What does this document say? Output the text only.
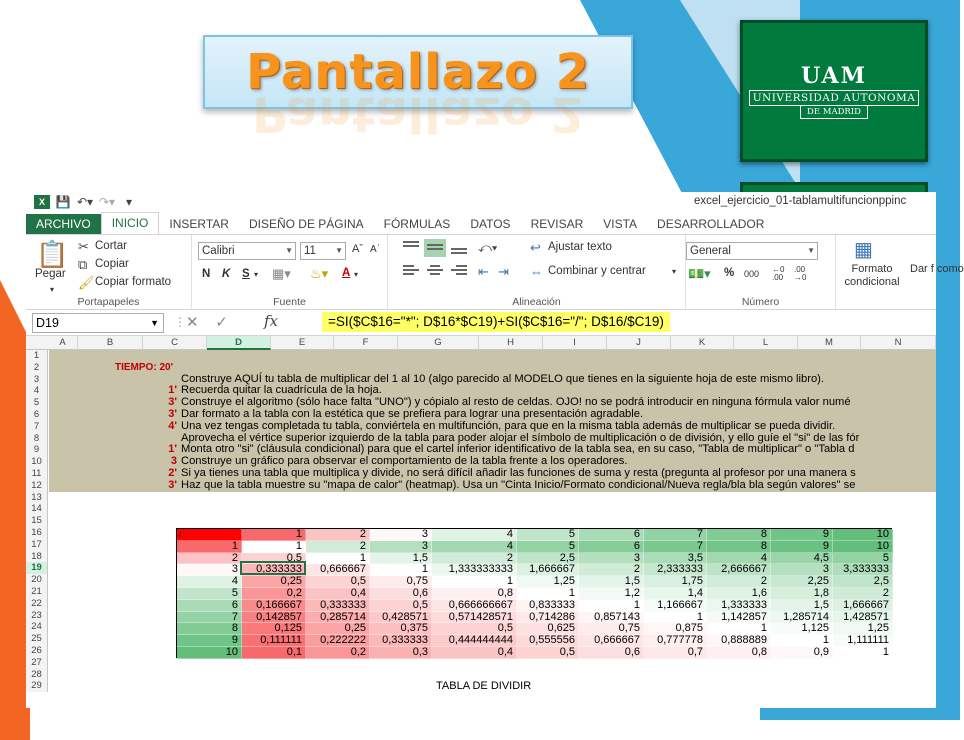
Pantallazo 2
Pantallazo 2
UAM
UNIVERSIDAD AUTONOMA
DE MADRID
X 💾 ↶▾ ↷▾ ▾	excel_ejercicio_01-tablamultifuncionppinc
ARCHIVO	INICIO	INSERTAR	DISEÑO DE PÁGINA	FÓRMULAS	DATOS	REVISAR	VISTA	DESARROLLADOR
📋
Pegar
▾
✂ Cortar
⧉ Copiar
🖌 Copiar formato
Portapapeles
Calibri	▼ 11 ▼ Aˇ Aˈ
N K S ▾ ▦▾ ♨▾ A ▾
Fuente
⤺▾	↩ Ajustar texto
⇤ ⇥ ⇔ Combinar y centrar	▾
Alineación
General	▼
💵▾ % 000 ←0
.00
.00
→0
Número
▦
Formato condicional
Dar f como
D19	▼ ⋮ ✕ ✓ fx	=SI($C$16="*"; D$16*$C19)+SI($C$16="/"; D$16/$C19)
A	B	C	D	E	F	G	H	I	J	K	L	M	N
1
2
3
4
5
6
7
8
9
10
11
12
13
14
15
16
17
18
19
20
21
22
23
24
25
26
27
28
29
TIEMPO: 20'
Construye AQUÍ tu tabla de multiplicar del 1 al 10 (algo parecido al MODELO que tienes en la siguiente hoja de este mismo libro).
1' Recuerda quitar la cuadrícula de la hoja.
3' Construye el algoritmo (sólo hace falta "UNO") y cópialo al resto de celdas. OJO! no se podrá introducir en ninguna fórmula valor numé
3' Dar formato a la tabla con la estética que se prefiera para lograr una presentación agradable.
4' Una vez tengas completada tu tabla, conviértela en multifunción, para que en la misma tabla además de multiplicar se pueda dividir.
Aprovecha el vértice superior izquierdo de la tabla para poder alojar el símbolo de multiplicación o de división, y ello guíe el "si" de las fór
1' Monta otro "si" (cláusula condicional) para que el cartel inferior identificativo de la tabla sea, en su caso, "Tabla de multiplicar" o "Tabla d
3 Construye un gráfico para observar el comportamiento de la tabla frente a los operadores.
2' Si ya tienes una tabla que multiplica y divide, no será difícil añadir las funciones de suma y resta (pregunta al profesor por una manera s
3' Haz que la tabla muestre su "mapa de calor" (heatmap). Usa un "Cinta Inicio/Formato condicional/Nueva regla/bla bla según valores" se
/	1	2	3	4	5	6	7	8	9	10
1	1	2	3	4	5	6	7	8	9	10
2	0,5	1	1,5	2	2,5	3	3,5	4	4,5	5
3	0,333333	0,666667	1	1,333333333	1,666667	2	2,333333	2,666667	3	3,333333
4	0,25	0,5	0,75	1	1,25	1,5	1,75	2	2,25	2,5
5	0,2	0,4	0,6	0,8	1	1,2	1,4	1,6	1,8	2
6	0,166667	0,333333	0,5	0,666666667	0,833333	1	1,166667	1,333333	1,5	1,666667
7	0,142857	0,285714	0,428571	0,571428571	0,714286	0,857143	1	1,142857	1,285714	1,428571
8	0,125	0,25	0,375	0,5	0,625	0,75	0,875	1	1,125	1,25
9	0,111111	0,222222	0,333333	0,444444444	0,555556	0,666667	0,777778	0,888889	1	1,111111
10	0,1	0,2	0,3	0,4	0,5	0,6	0,7	0,8	0,9	1
TABLA DE DIVIDIR
